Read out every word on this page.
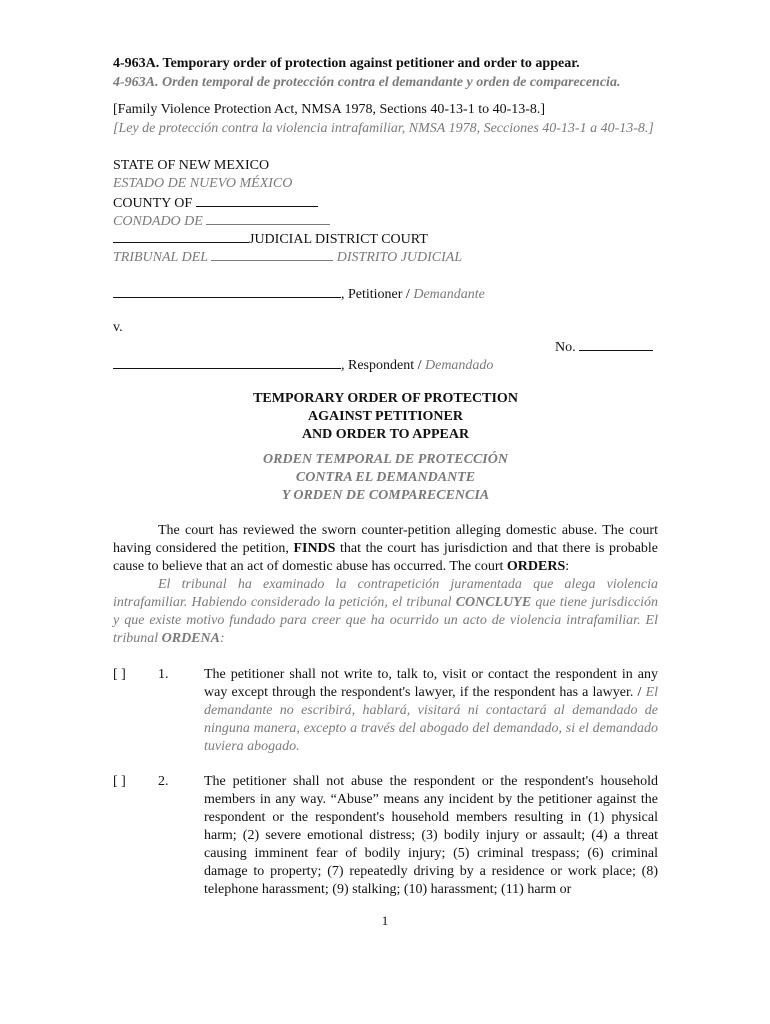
4-963A. Temporary order of protection against petitioner and order to appear.
4-963A. Orden temporal de protección contra el demandante y orden de comparecencia.
[Family Violence Protection Act, NMSA 1978, Sections 40-13-1 to 40-13-8.]
[Ley de protección contra la violencia intrafamiliar, NMSA 1978, Secciones 40-13-1 a 40-13-8.]
STATE OF NEW MEXICO
ESTADO DE NUEVO MÉXICO
COUNTY OF
CONDADO DE
JUDICIAL DISTRICT COURT
TRIBUNAL DEL	DISTRITO JUDICIAL
, Petitioner / Demandante
v.
No.
, Respondent / Demandado
TEMPORARY ORDER OF PROTECTION
AGAINST PETITIONER
AND ORDER TO APPEAR
ORDEN TEMPORAL DE PROTECCIÓN
CONTRA EL DEMANDANTE
Y ORDEN DE COMPARECENCIA
The court has reviewed the sworn counter-petition alleging domestic abuse. The court having considered the petition, FINDS that the court has jurisdiction and that there is probable cause to believe that an act of domestic abuse has occurred. The court ORDERS:
El tribunal ha examinado la contrapetición juramentada que alega violencia intrafamiliar. Habiendo considerado la petición, el tribunal CONCLUYE que tiene jurisdicción y que existe motivo fundado para creer que ha ocurrido un acto de violencia intrafamiliar. El tribunal ORDENA:
[ ] 1.	The petitioner shall not write to, talk to, visit or contact the respondent in any way except through the respondent's lawyer, if the respondent has a lawyer. / El demandante no escribirá, hablará, visitará ni contactará al demandado de ninguna manera, excepto a través del abogado del demandado, si el demandado tuviera abogado.
[ ] 2.	The petitioner shall not abuse the respondent or the respondent's household members in any way. “Abuse” means any incident by the petitioner against the respondent or the respondent's household members resulting in (1) physical harm; (2) severe emotional distress; (3) bodily injury or assault; (4) a threat causing imminent fear of bodily injury; (5) criminal trespass; (6) criminal damage to property; (7) repeatedly driving by a residence or work place; (8) telephone harassment; (9) stalking; (10) harassment; (11) harm or
1
